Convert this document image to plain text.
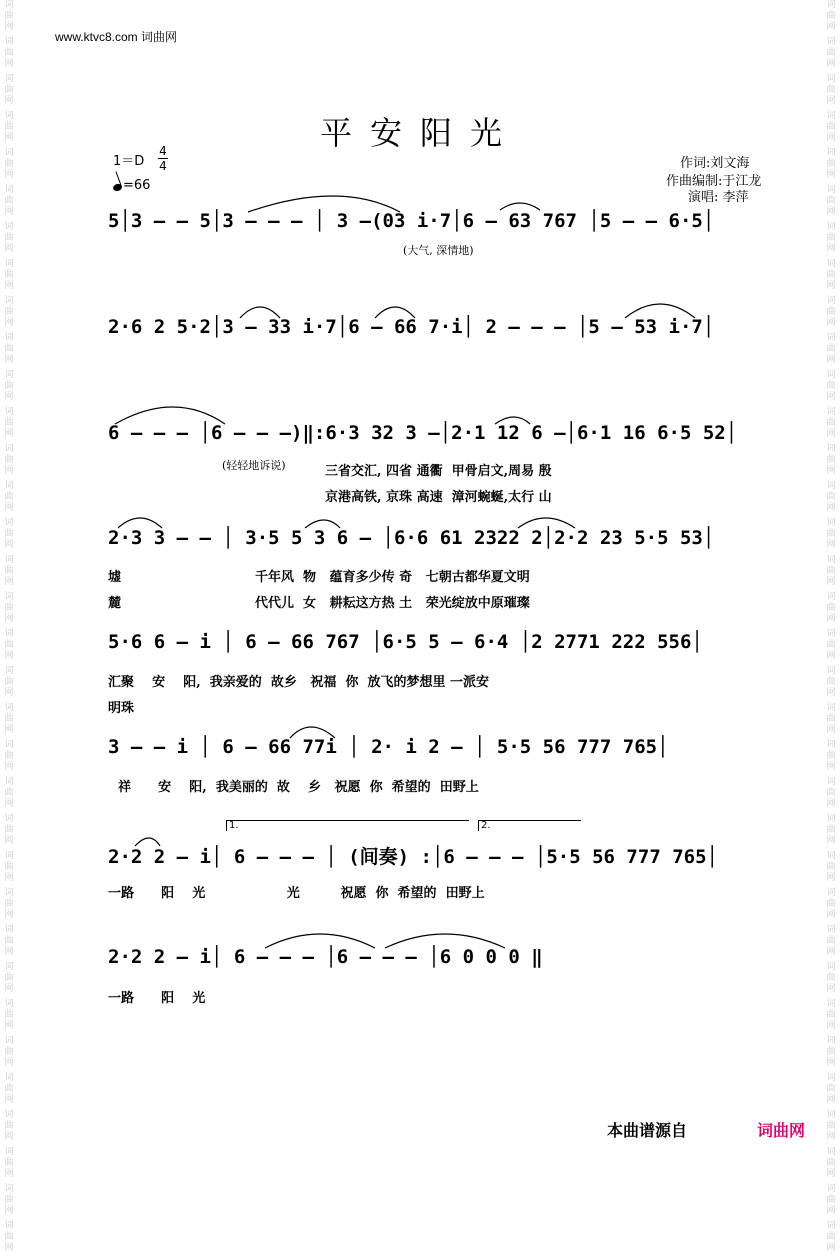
词
曲
网
词
曲
网
词
曲
网
词
曲
网
词
曲
网
词
曲
网
词
曲
网
词
曲
网
词
曲
网
词
曲
网
词
曲
网
词
曲
网
词
曲
网
词
曲
网
词
曲
网
词
曲
网
词
曲
网
词
曲
网
词
曲
网
词
曲
网
词
曲
网
词
曲
网
词
曲
网
词
曲
网
词
曲
网
词
曲
网
词
曲
网
词
曲
网
词
曲
网
词
曲
网
词
曲
网
词
曲
网
词
曲
网
词
曲
网
词
曲
网
词
曲
网
词
曲
网
词
曲
网
词
曲
网
词
曲
网
词
曲
网
词
曲
网
词
曲
网
词
曲
网
词
曲
网
词
曲
网
词
曲
网
词
曲
网
词
曲
网
词
曲
网
词
曲
网
词
曲
网
词
曲
网
词
曲
网
词
曲
网
词
曲
网
词
曲
网
词
曲
网
词
曲
网
词
曲
网
词
曲
网
词
曲
网
词
曲
网
词
曲
网
词
曲
网
词
曲
网
词
曲
网
词
曲
网
www.ktvc8.com 词曲网
平安阳光
1＝D
4
4
=66
作词:刘文海
作曲编制:于江龙
演唱: 李萍
5│3 – – 5│3 – – – │ 3 –(03 i·7│6 – 63 767 │5 – – 6·5│
(大气, 深情地)
2·6 2 5·2│3 – 33 i·7│6 – 66 7·i│ 2 – – – │5 – 53 i·7│
6 – – – │6 – – –)‖:6·3 32 3 –│2·1 12 6 –│6·1 16 6·5 52│
(轻轻地诉说)	三省交汇, 四省 通衢  甲骨启文,周易 殷
京港高铁, 京珠 高速  漳河蜿蜒,太行 山
2·3 3 – – │ 3·5 5 3 6 – │6·6 61 2322 2│2·2 23 5·5 53│
墟	千年风  物   蕴育多少传 奇   七朝古都华夏文明
麓	代代儿  女   耕耘这方热 土   荣光绽放中原璀璨
5·6 6 – i │ 6 – 66 767 │6·5 5 – 6·4 │2 2771 222 556│
汇聚    安    阳,  我亲爱的  故乡   祝福  你  放飞的梦想里 一派安
明珠
3 – – i │ 6 – 66 77i │ 2· i 2 – │ 5·5 56 777 765│
祥      安    阳,  我美丽的  故    乡   祝愿  你  希望的  田野上
1.	2.
2·2 2 – i│ 6 – – – │ (间奏) :│6 – – – │5·5 56 777 765│
一路      阳    光                  光         祝愿  你  希望的  田野上
2·2 2 – i│ 6 – – – │6 – – – │6 0 0 0 ‖
一路      阳    光
本曲谱源自	词曲网
